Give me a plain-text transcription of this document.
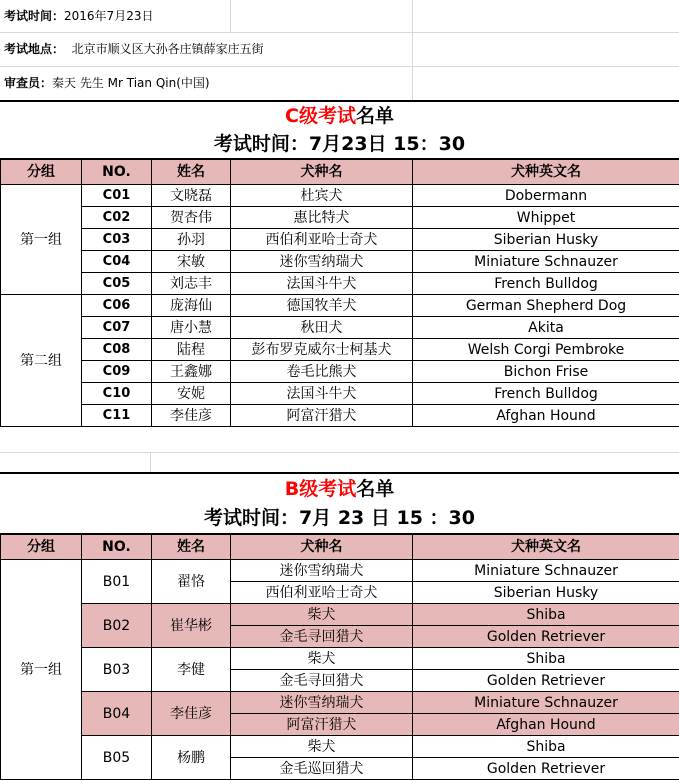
考试时间：2016年7月23日
考试地点： 北京市顺义区大孙各庄镇薛家庄五街
审查员：秦天 先生 Mr Tian Qin(中国)
C级考试名单
考试时间：7月23日 15：30
分组	NO.	姓名	犬种名	犬种英文名
第一组	C01	文晓磊	杜宾犬	Dobermann
	C02	贺杏伟	惠比特犬	Whippet
	C03	孙羽	西伯利亚哈士奇犬	Siberian Husky
	C04	宋敏	迷你雪纳瑞犬	Miniature Schnauzer
	C05	刘志丰	法国斗牛犬	French Bulldog
第二组	C06	庞海仙	德国牧羊犬	German Shepherd Dog
	C07	唐小慧	秋田犬	Akita
	C08	陆程	彭布罗克威尔士柯基犬	Welsh Corgi Pembroke
	C09	王鑫娜	卷毛比熊犬	Bichon Frise
	C10	安妮	法国斗牛犬	French Bulldog
	C11	李佳彦	阿富汗猎犬	Afghan Hound
B级考试名单
考试时间：7月 23 日 15 ：30
分组	NO.	姓名	犬种名	犬种英文名
第一组	B01	翟恪	迷你雪纳瑞犬	Miniature Schnauzer
			西伯利亚哈士奇犬	Siberian Husky
	B02	崔华彬	柴犬	Shiba
			金毛寻回猎犬	Golden Retriever
	B03	李健	柴犬	Shiba
			金毛寻回猎犬	Golden Retriever
	B04	李佳彦	迷你雪纳瑞犬	Miniature Schnauzer
			阿富汗猎犬	Afghan Hound
	B05	杨鹏	柴犬	Shiba
			金毛巡回猎犬	Golden Retriever
